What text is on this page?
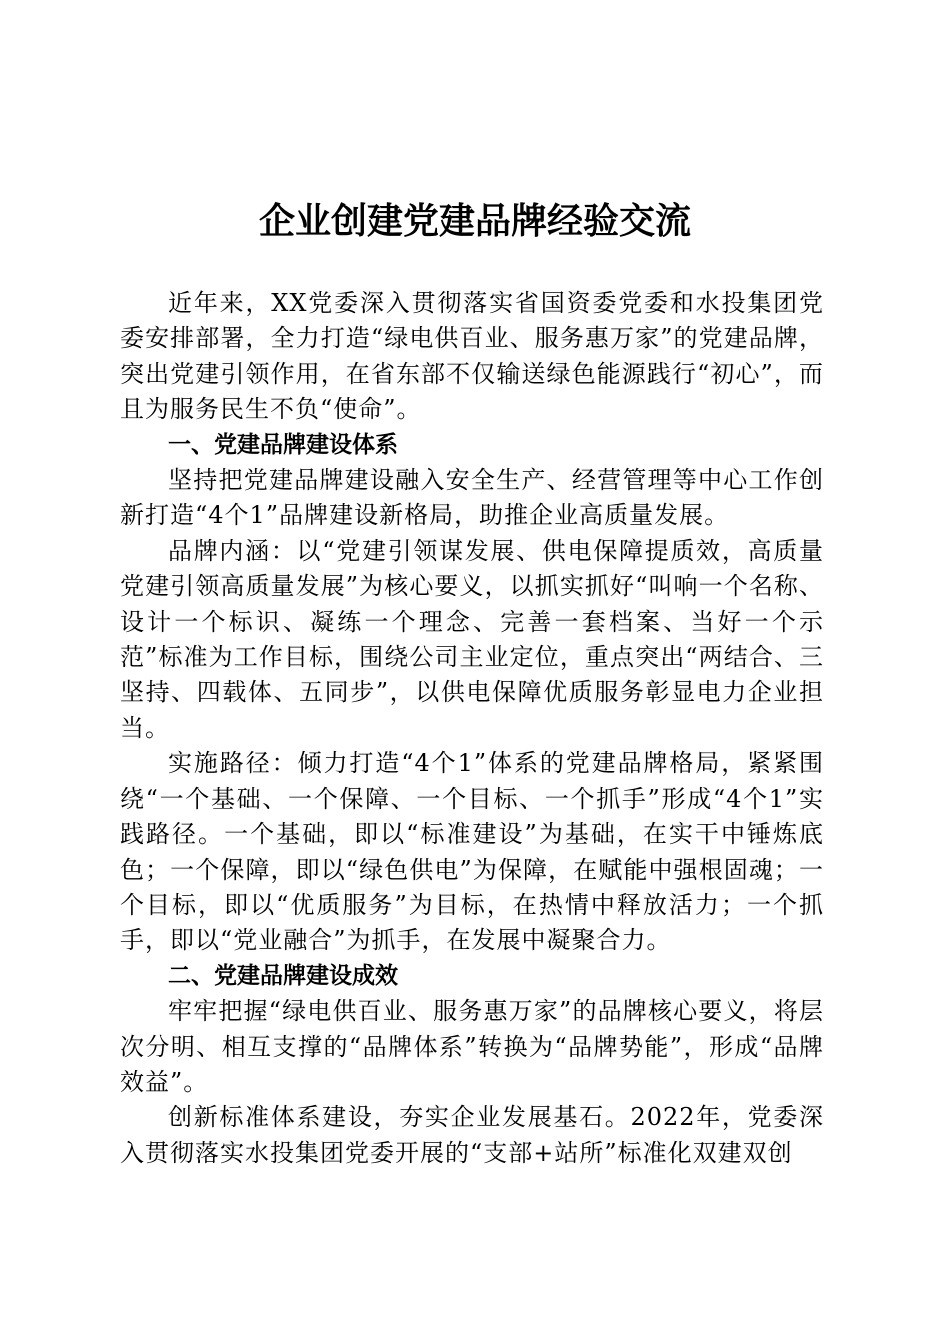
企业创建党建品牌经验交流

近年来，XX党委深入贯彻落实省国资委党委和水投集团党委安排部署，全力打造“绿电供百业、服务惠万家”的党建品牌，突出党建引领作用，在省东部不仅输送绿色能源践行“初心”，而且为服务民生不负“使命”。

一、党建品牌建设体系

坚持把党建品牌建设融入安全生产、经营管理等中心工作创新打造“4个1”品牌建设新格局，助推企业高质量发展。

品牌内涵：以“党建引领谋发展、供电保障提质效，高质量党建引领高质量发展”为核心要义，以抓实抓好“叫响一个名称、设计一个标识、凝练一个理念、完善一套档案、当好一个示范”标准为工作目标，围绕公司主业定位，重点突出“两结合、三坚持、四载体、五同步”，以供电保障优质服务彰显电力企业担当。

实施路径：倾力打造“4个1”体系的党建品牌格局，紧紧围绕“一个基础、一个保障、一个目标、一个抓手”形成“4个1”实践路径。一个基础，即以“标准建设”为基础，在实干中锤炼底色；一个保障，即以“绿色供电”为保障，在赋能中强根固魂；一个目标，即以“优质服务”为目标，在热情中释放活力；一个抓手，即以“党业融合”为抓手，在发展中凝聚合力。

二、党建品牌建设成效

牢牢把握“绿电供百业、服务惠万家”的品牌核心要义，将层次分明、相互支撑的“品牌体系”转换为“品牌势能”，形成“品牌效益”。

创新标准体系建设，夯实企业发展基石。2022年，党委深入贯彻落实水投集团党委开展的“支部+站所”标准化双建双创
